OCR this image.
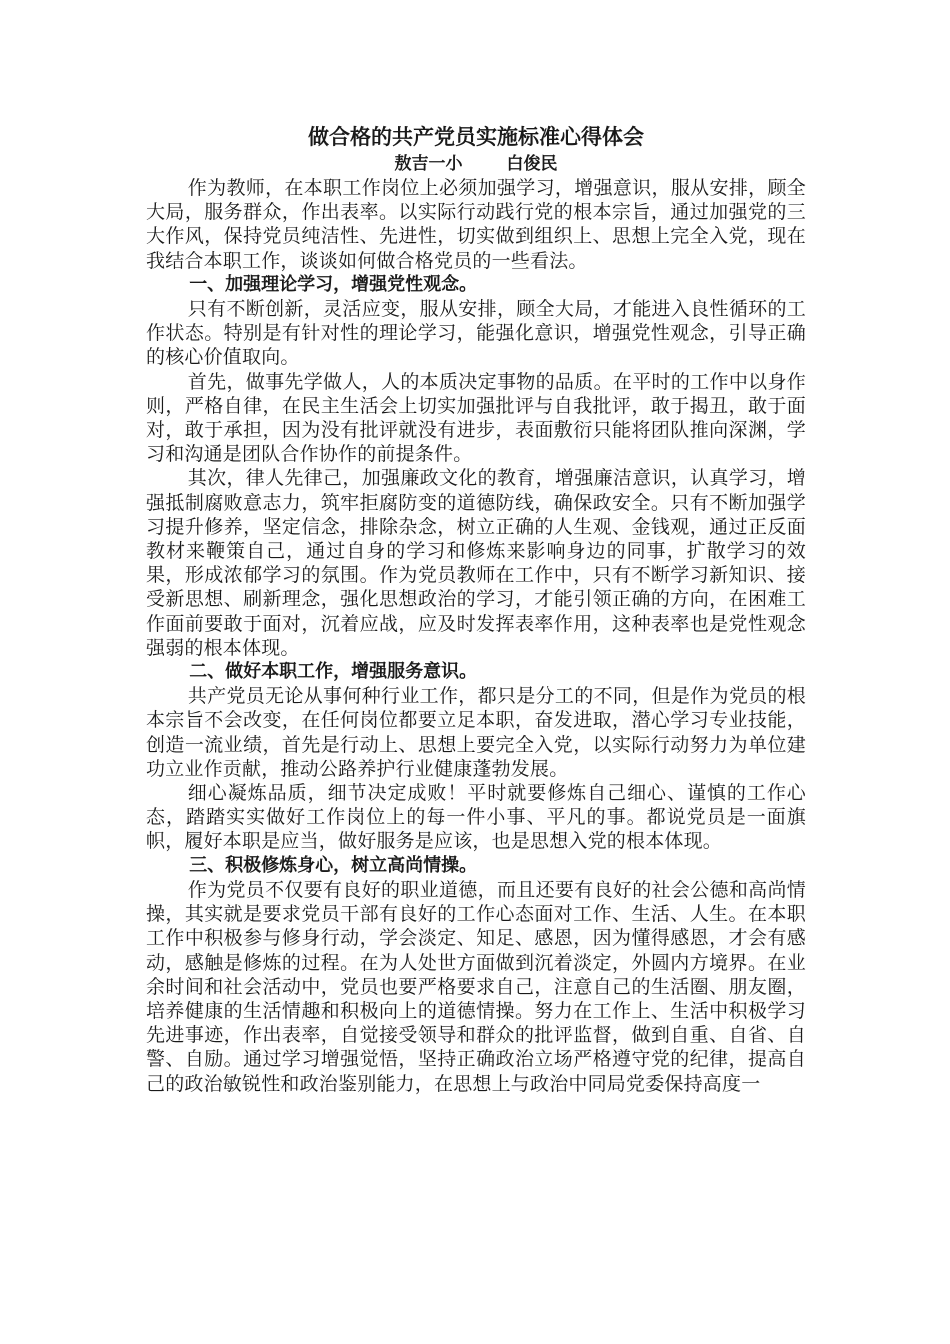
做合格的共产党员实施标准心得体会
敖吉一小	白俊民

作为教师，在本职工作岗位上必须加强学习，增强意识，服从安排，顾全大局，服务群众，作出表率。以实际行动践行党的根本宗旨，通过加强党的三大作风，保持党员纯洁性、先进性，切实做到组织上、思想上完全入党，现在我结合本职工作，谈谈如何做合格党员的一些看法。

一、加强理论学习，增强党性观念。

只有不断创新，灵活应变，服从安排，顾全大局，才能进入良性循环的工作状态。特别是有针对性的理论学习，能强化意识，增强党性观念，引导正确的核心价值取向。

首先，做事先学做人，人的本质决定事物的品质。在平时的工作中以身作则，严格自律，在民主生活会上切实加强批评与自我批评，敢于揭丑，敢于面对，敢于承担，因为没有批评就没有进步，表面敷衍只能将团队推向深渊，学习和沟通是团队合作协作的前提条件。

其次，律人先律己，加强廉政文化的教育，增强廉洁意识，认真学习，增强抵制腐败意志力，筑牢拒腐防变的道德防线，确保政安全。只有不断加强学习提升修养，坚定信念，排除杂念，树立正确的人生观、金钱观，通过正反面教材来鞭策自己，通过自身的学习和修炼来影响身边的同事，扩散学习的效果，形成浓郁学习的氛围。作为党员教师在工作中，只有不断学习新知识、接受新思想、刷新理念，强化思想政治的学习，才能引领正确的方向，在困难工作面前要敢于面对，沉着应战，应及时发挥表率作用，这种表率也是党性观念强弱的根本体现。

二、做好本职工作，增强服务意识。

共产党员无论从事何种行业工作，都只是分工的不同，但是作为党员的根本宗旨不会改变，在任何岗位都要立足本职，奋发进取，潜心学习专业技能，创造一流业绩，首先是行动上、思想上要完全入党，以实际行动努力为单位建功立业作贡献，推动公路养护行业健康蓬勃发展。

细心凝炼品质，细节决定成败！平时就要修炼自己细心、谨慎的工作心态，踏踏实实做好工作岗位上的每一件小事、平凡的事。都说党员是一面旗帜，履好本职是应当，做好服务是应该，也是思想入党的根本体现。

三、积极修炼身心，树立高尚情操。

作为党员不仅要有良好的职业道德，而且还要有良好的社会公德和高尚情操，其实就是要求党员干部有良好的工作心态面对工作、生活、人生。在本职工作中积极参与修身行动，学会淡定、知足、感恩，因为懂得感恩，才会有感动，感触是修炼的过程。在为人处世方面做到沉着淡定，外圆内方境界。在业余时间和社会活动中，党员也要严格要求自己，注意自己的生活圈、朋友圈，培养健康的生活情趣和积极向上的道德情操。努力在工作上、生活中积极学习先进事迹，作出表率，自觉接受领导和群众的批评监督，做到自重、自省、自警、自励。通过学习增强觉悟，坚持正确政治立场严格遵守党的纪律，提高自己的政治敏锐性和政治鉴别能力，在思想上与政治中同局党委保持高度一
